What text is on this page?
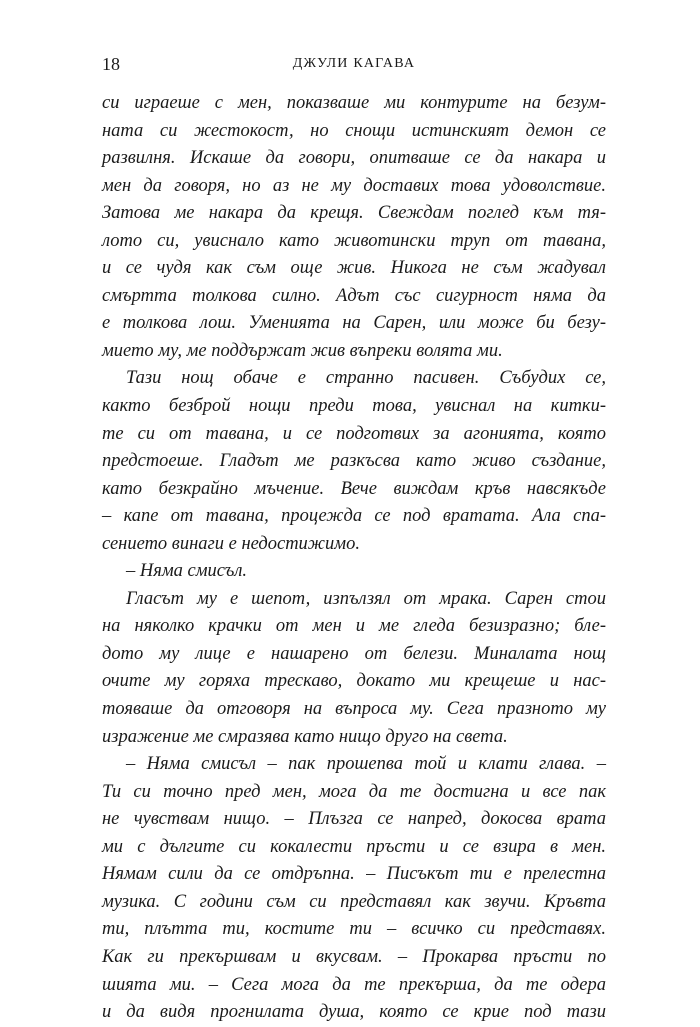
18	ДЖУЛИ КАГАВА
си играеше с мен, показваше ми контурите на безум-
ната си жестокост, но снощи истинският демон се
развилня. Искаше да говори, опитваше се да накара и
мен да говоря, но аз не му доставих това удоволствие.
Затова ме накара да крещя. Свеждам поглед към тя-
лото си, увиснало като животински труп от тавана,
и се чудя как съм още жив. Никога не съм жадувал
смъртта толкова силно. Адът със сигурност няма да
е толкова лош. Уменията на Сарен, или може би безу-
мието му, ме поддържат жив въпреки волята ми.
Тази нощ обаче е странно пасивен. Събудих се,
както безброй нощи преди това, увиснал на китки-
те си от тавана, и се подготвих за агонията, която
предстоеше. Гладът ме разкъсва като живо създание,
като безкрайно мъчение. Вече виждам кръв навсякъде
– капе от тавана, процежда се под вратата. Ала спа-
сението винаги е недостижимо.
– Няма смисъл.
Гласът му е шепот, изпълзял от мрака. Сарен стои
на няколко крачки от мен и ме гледа безизразно; бле-
дото му лице е нашарено от белези. Миналата нощ
очите му горяха трескаво, докато ми крещеше и нас-
тояваше да отговоря на въпроса му. Сега празното му
изражение ме смразява като нищо друго на света.
– Няма смисъл – пак прошепва той и клати глава. –
Ти си точно пред мен, мога да те достигна и все пак
не чувствам нищо. – Плъзга се напред, докосва врата
ми с дългите си кокалести пръсти и се взира в мен.
Нямам сили да се отдръпна. – Писъкът ти е прелестна
музика. С години съм си представял как звучи. Кръвта
ти, плътта ти, костите ти – всичко си представях.
Как ги прекършвам и вкусвам. – Прокарва пръсти по
шията ми. – Сега мога да те прекърша, да те одера
и да видя прогнилата душа, която се крие под тази
